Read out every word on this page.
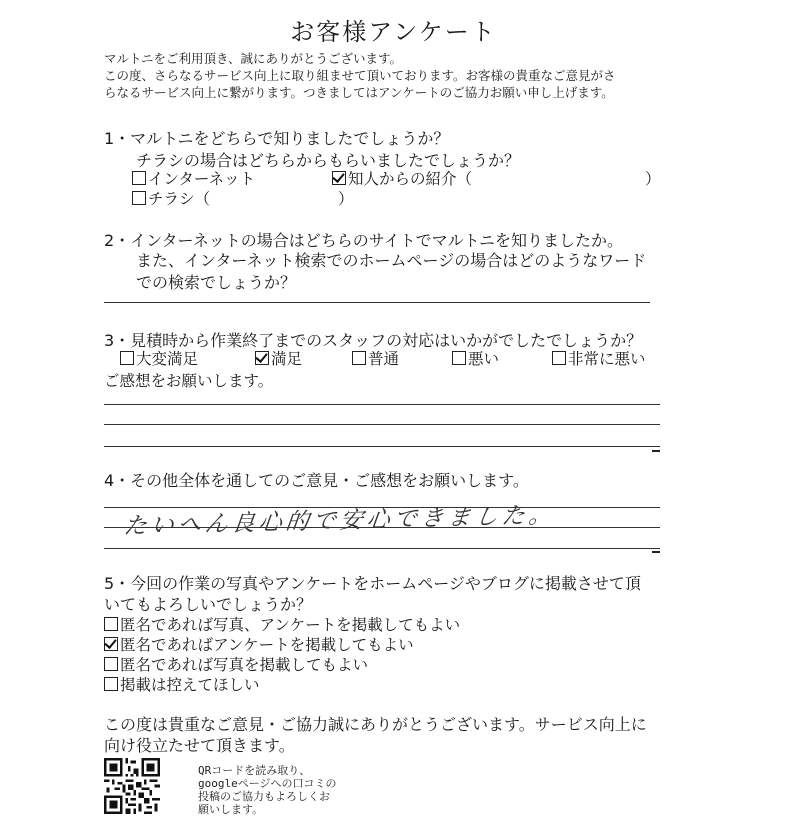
お客様アンケート
マルトニをご利用頂き、誠にありがとうございます。
この度、さらなるサービス向上に取り組ませて頂いております。お客様の貴重なご意見がさ
らなるサービス向上に繋がります。つきましてはアンケートのご協力お願い申し上げます。
1・マルトニをどちらで知りましたでしょうか？
チラシの場合はどちらからもらいましたでしょうか？
インターネット	知人からの紹介（	）
チラシ（	）
2・インターネットの場合はどちらのサイトでマルトニを知りましたか。
また、インターネット検索でのホームページの場合はどのようなワード
での検索でしょうか？
3・見積時から作業終了までのスタッフの対応はいかがでしたでしょうか？
大変満足	満足	普通	悪い	非常に悪い
ご感想をお願いします。
4・その他全体を通してのご意見・ご感想をお願いします。
たいへん良心的で安心できました。
5・今回の作業の写真やアンケートをホームページやブログに掲載させて頂
いてもよろしいでしょうか？
匿名であれば写真、アンケートを掲載してもよい
匿名であればアンケートを掲載してもよい
匿名であれば写真を掲載してもよい
掲載は控えてほしい
この度は貴重なご意見・ご協力誠にありがとうございます。サービス向上に
向け役立たせて頂きます。
QRコードを読み取り、
googleページへの口コミの
投稿のご協力もよろしくお
願いします。
